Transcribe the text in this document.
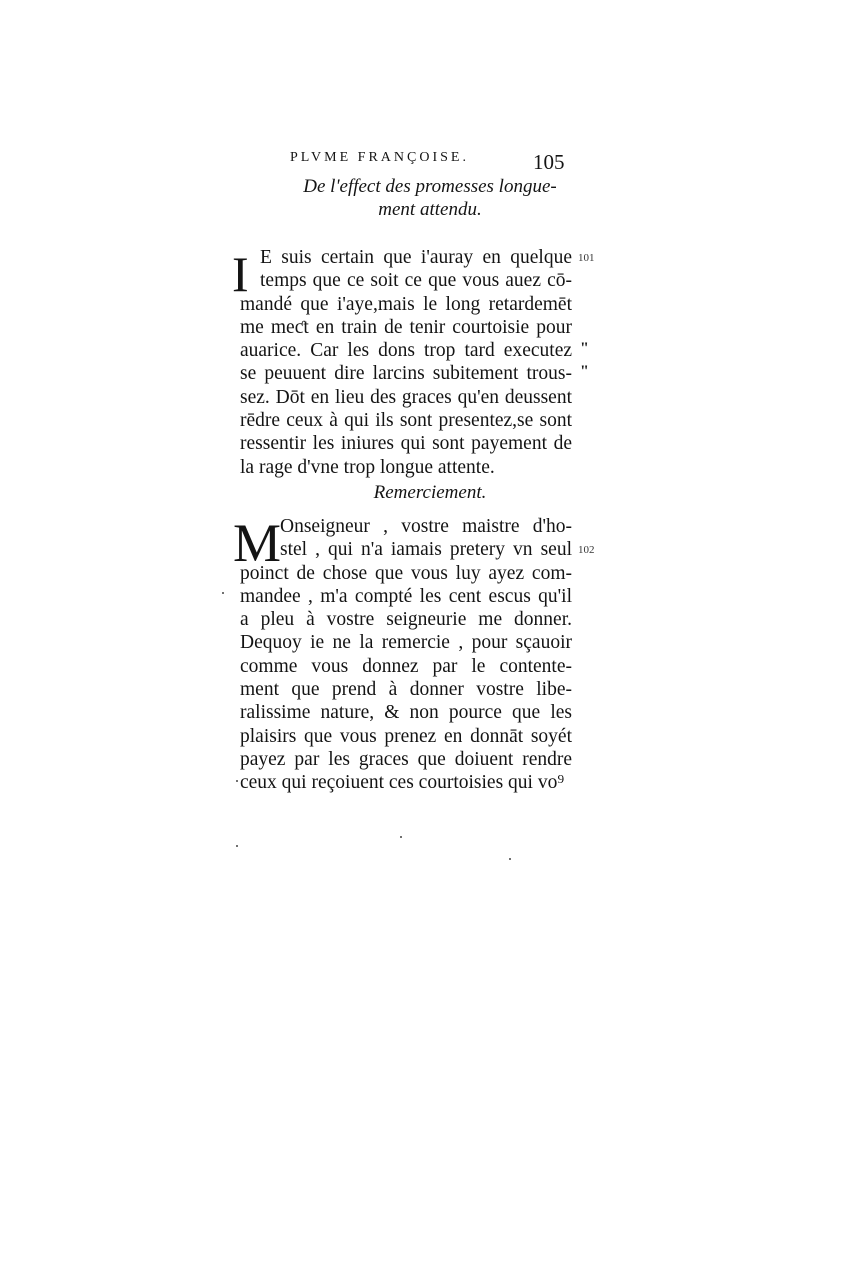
PLVME FRANÇOISE.	105
De l'effect des promesses longue-
ment attendu.
I E suis certain que i'auray en quelque
temps que ce soit ce que vous auez cō-
mandé que i'aye,mais le long retardemēt
me meƈt en train de tenir courtoisie pour
auarice. Car les dons trop tard executez
se peuuent dire larcins subitement trous-
sez. Dōt en lieu des graces qu'en deussent
rēdre ceux à qui ils sont presentez,se sont
ressentir les iniures qui sont payement de
la rage d'vne trop longue attente.
101
"
"
Remerciement.
M
Onseigneur , vostre maistre d'ho-
stel , qui n'a iamais pretery vn seul
poinct de chose que vous luy ayez com-
mandee , m'a compté les cent escus qu'il
a pleu à vostre seigneurie me donner.
Dequoy ie ne la remercie , pour sçauoir
comme vous donnez par le contente-
ment que prend à donner vostre libe-
ralissime nature, & non pource que les
plaisirs que vous prenez en donnāt soyét
payez par les graces que doiuent rendre
ceux qui reçoiuent ces courtoisies qui vo⁹
102
